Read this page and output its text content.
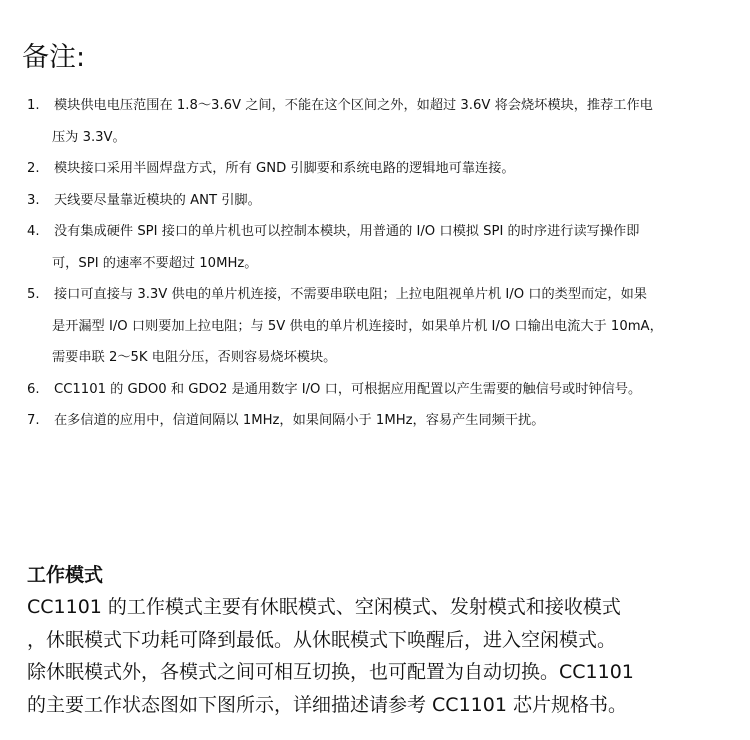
备注:
1.	模块供电电压范围在 1.8～3.6V 之间，不能在这个区间之外，如超过 3.6V 将会烧坏模块，推荐工作电
压为 3.3V。
2.	模块接口采用半圆焊盘方式，所有 GND 引脚要和系统电路的逻辑地可靠连接。
3.	天线要尽量靠近模块的 ANT 引脚。
4.	没有集成硬件 SPI 接口的单片机也可以控制本模块，用普通的 I/O 口模拟 SPI 的时序进行读写操作即
可，SPI 的速率不要超过 10MHz。
5.	接口可直接与 3.3V 供电的单片机连接，不需要串联电阻；上拉电阻视单片机 I/O 口的类型而定，如果
是开漏型 I/O 口则要加上拉电阻；与 5V 供电的单片机连接时，如果单片机 I/O 口输出电流大于 10mA，
需要串联 2～5K 电阻分压，否则容易烧坏模块。
6.	CC1101 的 GDO0 和 GDO2 是通用数字 I/O 口，可根据应用配置以产生需要的触信号或时钟信号。
7.	在多信道的应用中，信道间隔以 1MHz，如果间隔小于 1MHz，容易产生同频干扰。
工作模式
CC1101 的工作模式主要有休眠模式、空闲模式、发射模式和接收模式
，休眠模式下功耗可降到最低。从休眠模式下唤醒后，进入空闲模式。
除休眠模式外，各模式之间可相互切换，也可配置为自动切换。CC1101
的主要工作状态图如下图所示，详细描述请参考 CC1101 芯片规格书。
